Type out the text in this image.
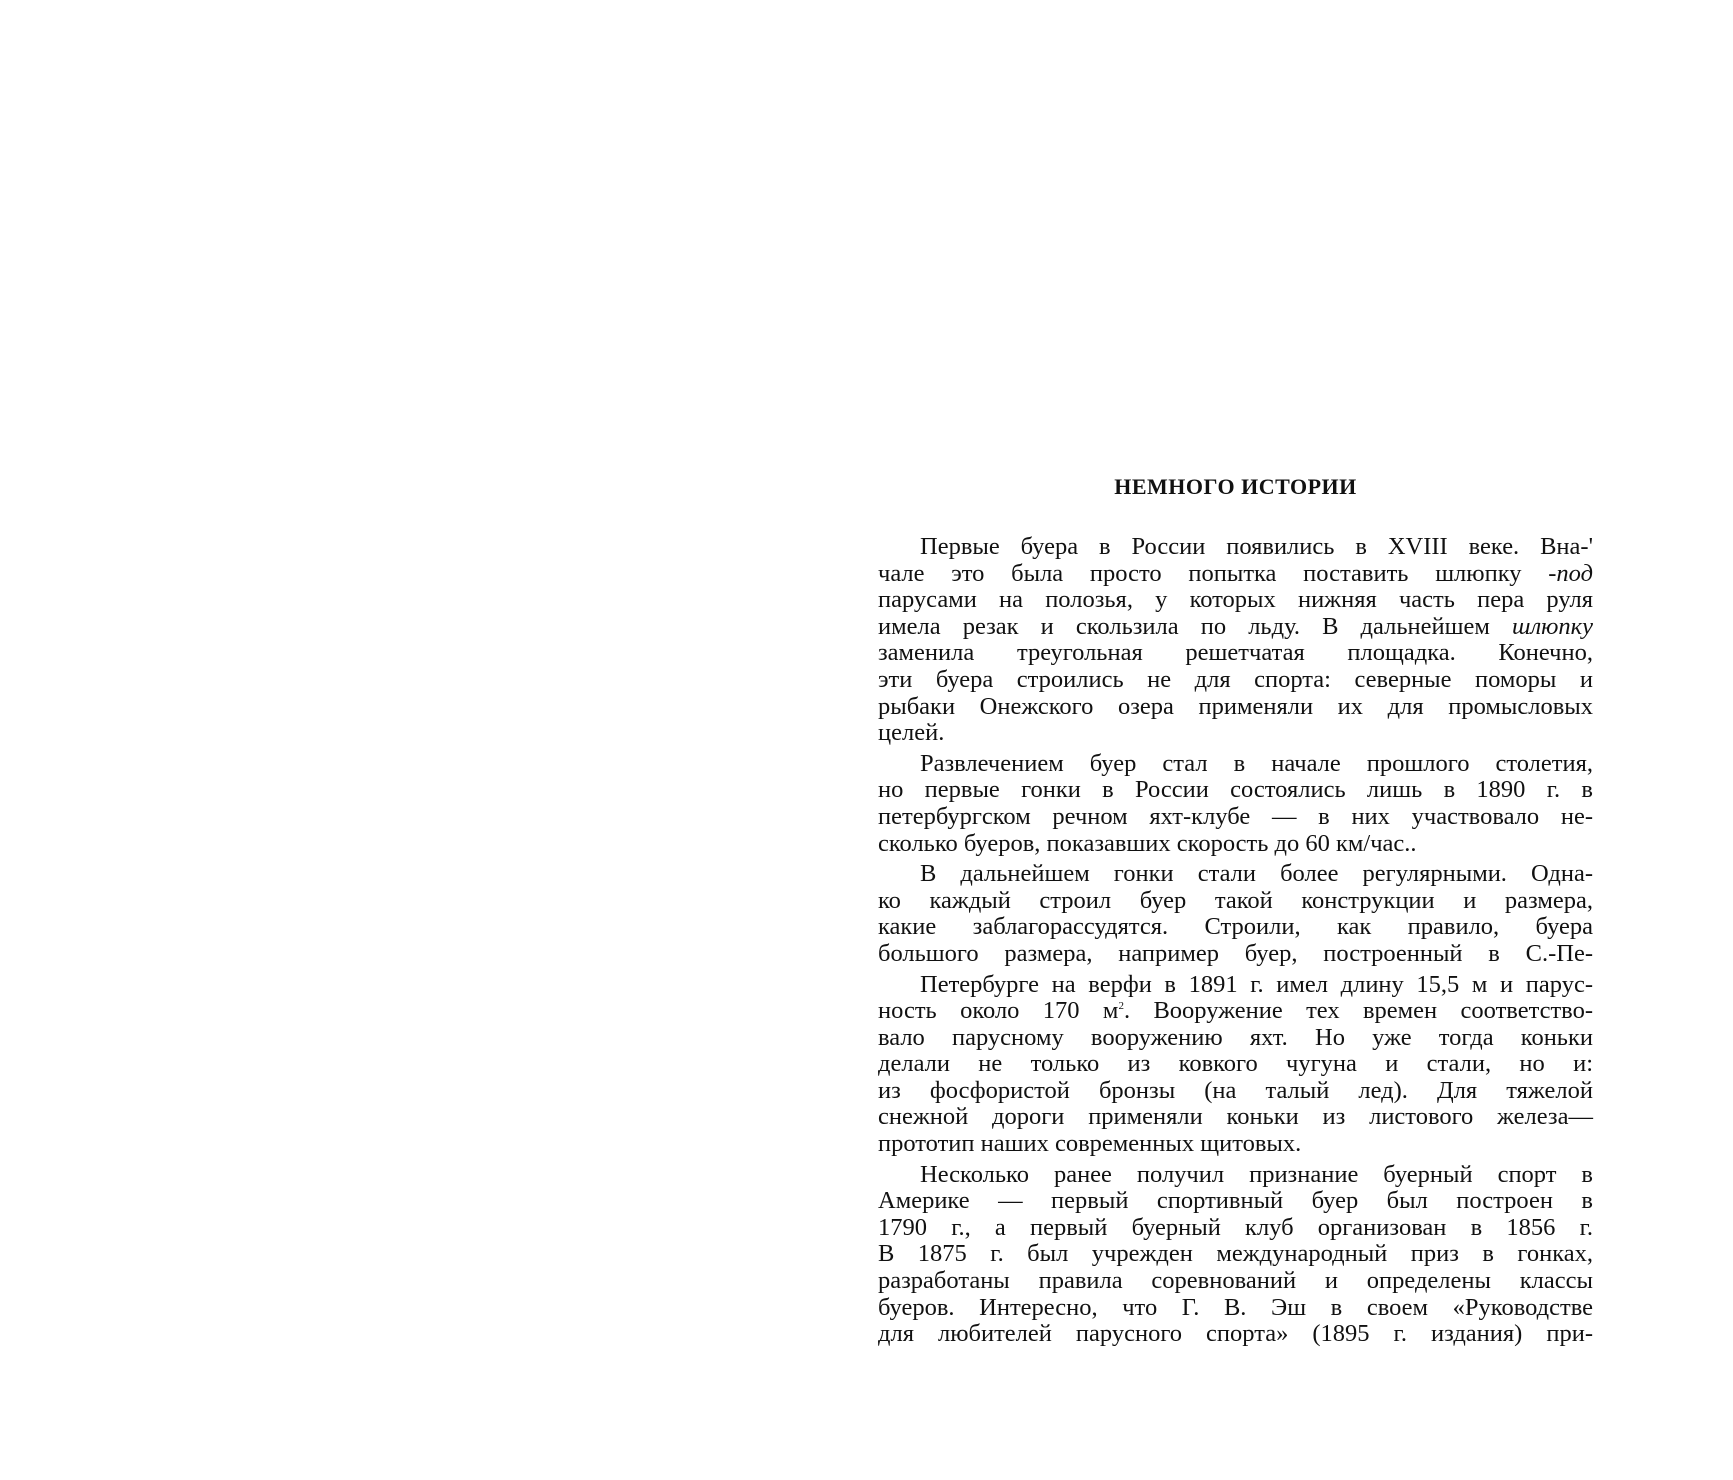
НЕМНОГО ИСТОРИИ
Первые буера в России появились в XVIII веке. Вна-'
чале это была просто попытка поставить шлюпку -под
парусами на полозья, у которых нижняя часть пера руля
имела резак и скользила по льду. В дальнейшем шлюпку
заменила треугольная решетчатая площадка. Конечно,
эти буера строились не для спорта: северные поморы и
рыбаки Онежского озера применяли их для промысловых
целей.
Развлечением буер стал в начале прошлого столетия,
но первые гонки в России состоялись лишь в 1890 г. в
петербургском речном яхт-клубе — в них участвовало не-
сколько буеров, показавших скорость до 60 км/час..
В дальнейшем гонки стали более регулярными. Одна-
ко каждый строил буер такой конструкции и размера,
какие заблагорассудятся. Строили, как правило, буера
большого размера, например буер, построенный в С.-Пе-
Петербурге на верфи в 1891 г. имел длину 15,5 м и парус-
ность около 170 $м^2$. Вооружение тех времен соответство-
вало парусному вооружению яхт. Но уже тогда коньки
делали не только из ковкого чугуна и стали, но и:
из фосфористой бронзы (на талый лед). Для тяжелой
снежной дороги применяли коньки из листового железа—
прототип наших современных щитовых.
Несколько ранее получил признание буерный спорт в
Америке — первый спортивный буер был построен в
1790 г., а первый буерный клуб организован в 1856 г.
В 1875 г. был учрежден международный приз в гонках,
разработаны правила соревнований и определены классы
буеров. Интересно, что Г. В. Эш в своем «Руководстве
для любителей парусного спорта» (1895 г. издания) при-
